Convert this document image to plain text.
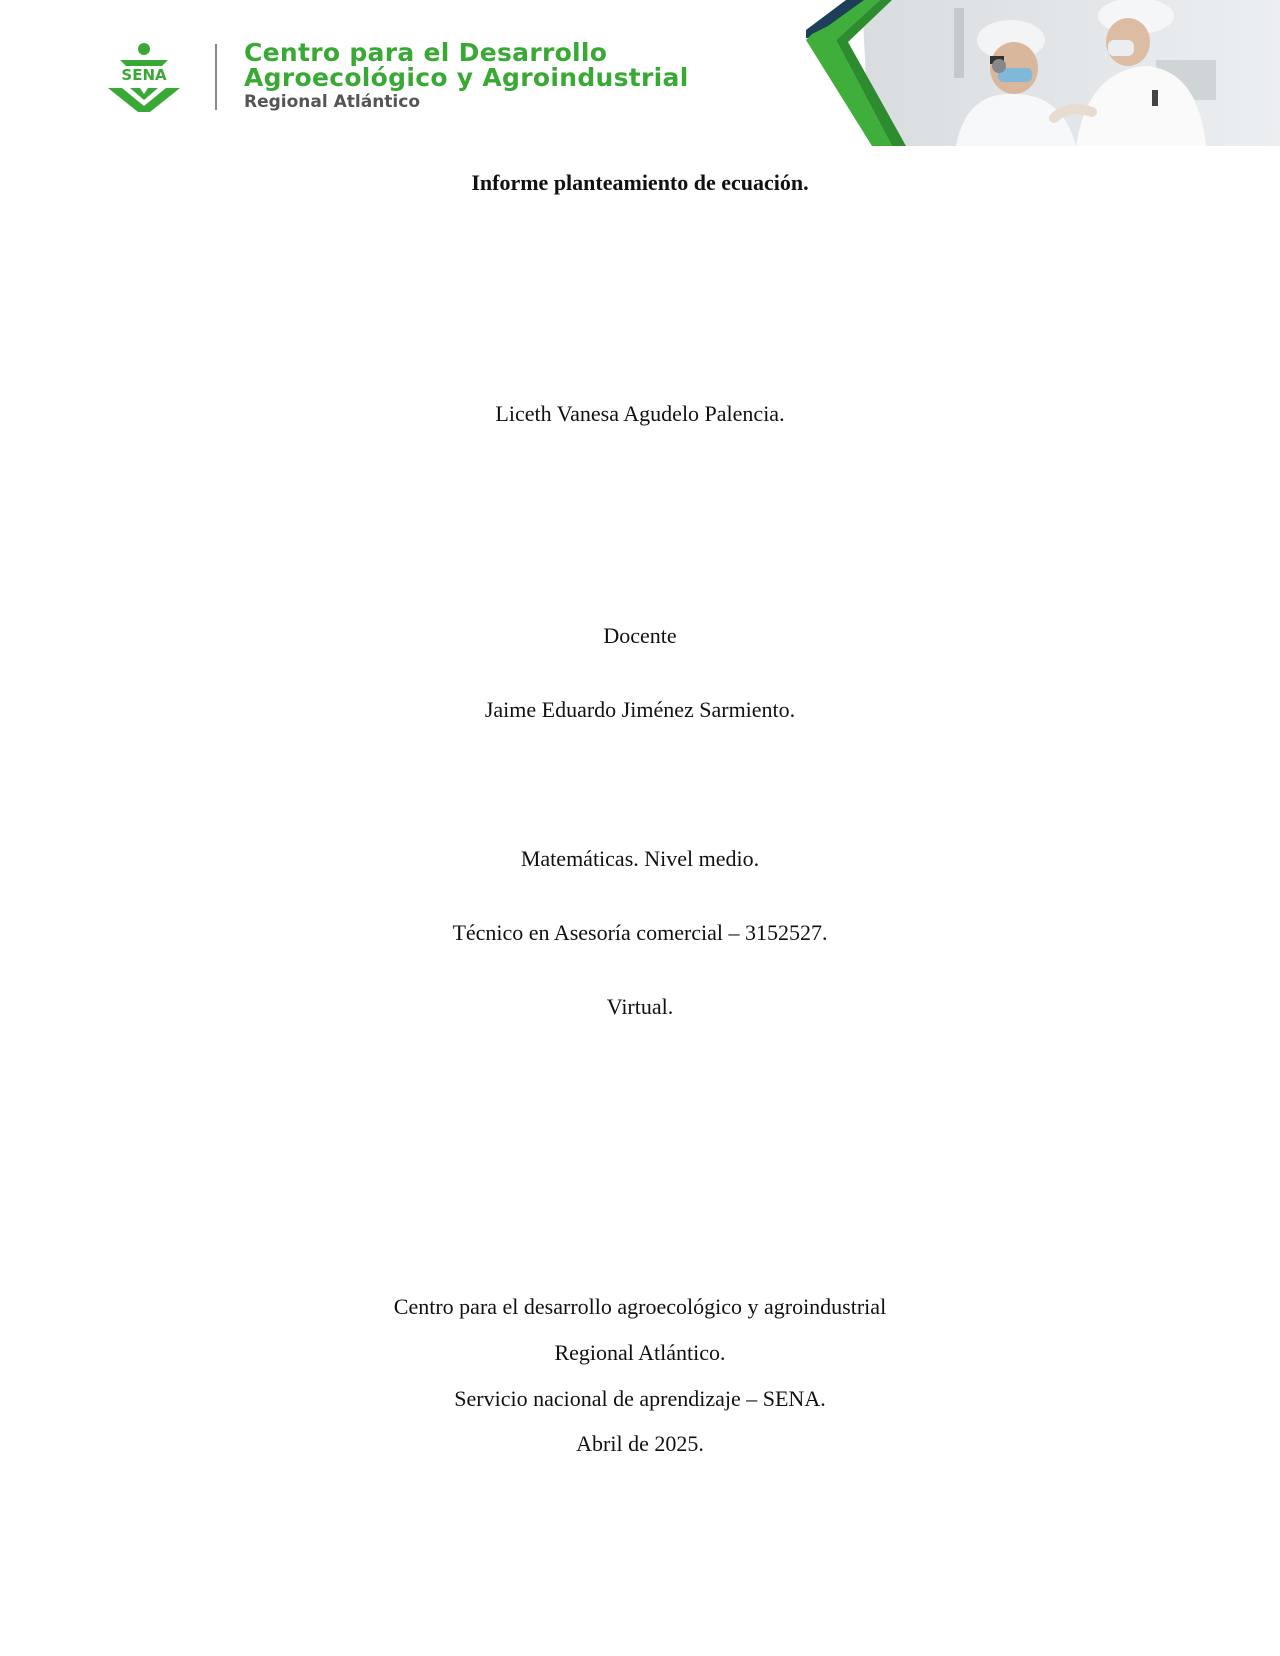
SENA
Centro para el Desarrollo
Agroecológico y Agroindustrial
Regional Atlántico
Informe planteamiento de ecuación.
Liceth Vanesa Agudelo Palencia.
Docente
Jaime Eduardo Jiménez Sarmiento.
Matemáticas. Nivel medio.
Técnico en Asesoría comercial – 3152527.
Virtual.
Centro para el desarrollo agroecológico y agroindustrial
Regional Atlántico.
Servicio nacional de aprendizaje – SENA.
Abril de 2025.
